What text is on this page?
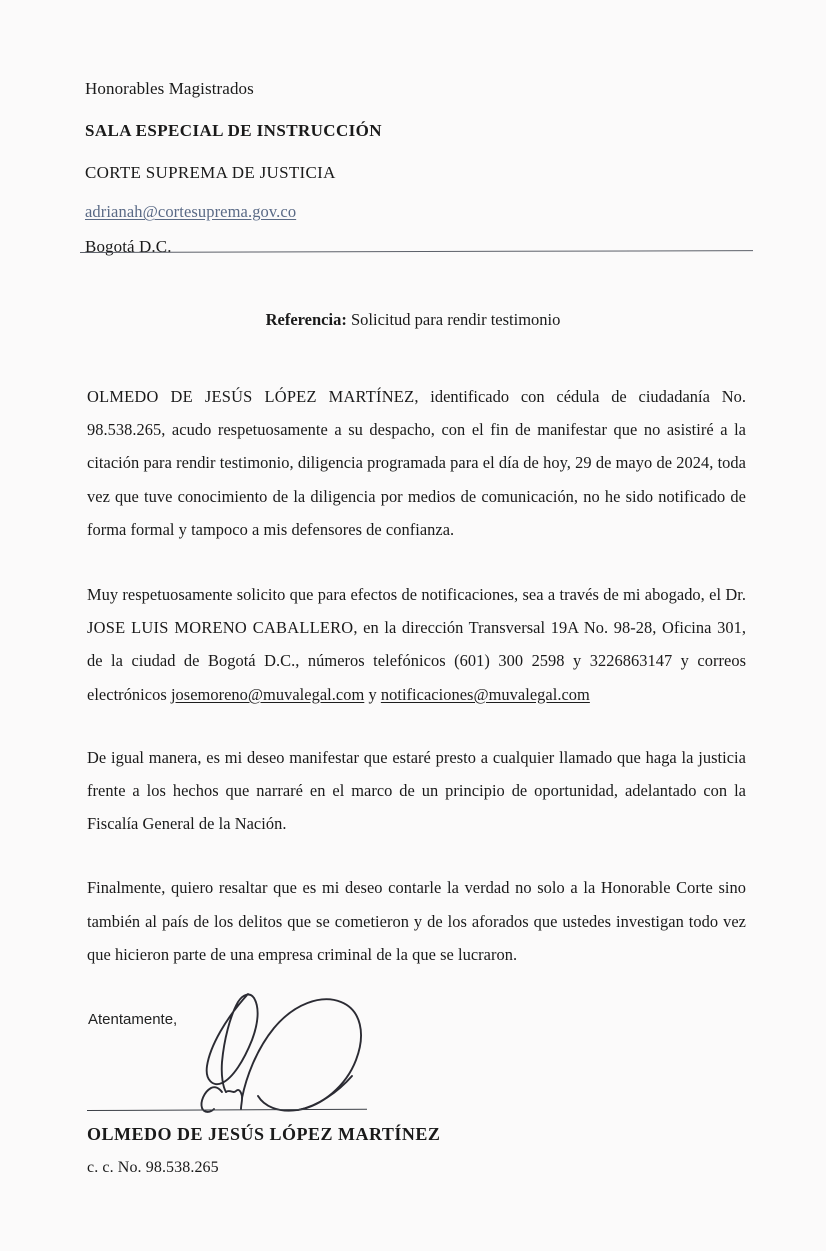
Honorables Magistrados
SALA ESPECIAL DE INSTRUCCIÓN
CORTE SUPREMA DE JUSTICIA
adrianah@cortesuprema.gov.co
Bogotá D.C.
Referencia: Solicitud para rendir testimonio

OLMEDO DE JESÚS LÓPEZ MARTÍNEZ, identificado con cédula de ciudadanía No. 98.538.265, acudo respetuosamente a su despacho, con el fin de manifestar que no asistiré a la citación para rendir testimonio, diligencia programada para el día de hoy, 29 de mayo de 2024, toda vez que tuve conocimiento de la diligencia por medios de comunicación, no he sido notificado de forma formal y tampoco a mis defensores de confianza.

Muy respetuosamente solicito que para efectos de notificaciones, sea a través de mi abogado, el Dr. JOSE LUIS MORENO CABALLERO, en la dirección Transversal 19A No. 98-28, Oficina 301, de la ciudad de Bogotá D.C., números telefónicos (601) 300 2598 y 3226863147 y correos electrónicos josemoreno@muvalegal.com y notificaciones@muvalegal.com

De igual manera, es mi deseo manifestar que estaré presto a cualquier llamado que haga la justicia frente a los hechos que narraré en el marco de un principio de oportunidad, adelantado con la Fiscalía General de la Nación.

Finalmente, quiero resaltar que es mi deseo contarle la verdad no solo a la Honorable Corte sino también al país de los delitos que se cometieron y de los aforados que ustedes investigan todo vez que hicieron parte de una empresa criminal de la que se lucraron.

Atentamente,
OLMEDO DE JESÚS LÓPEZ MARTÍNEZ
c. c. No. 98.538.265
